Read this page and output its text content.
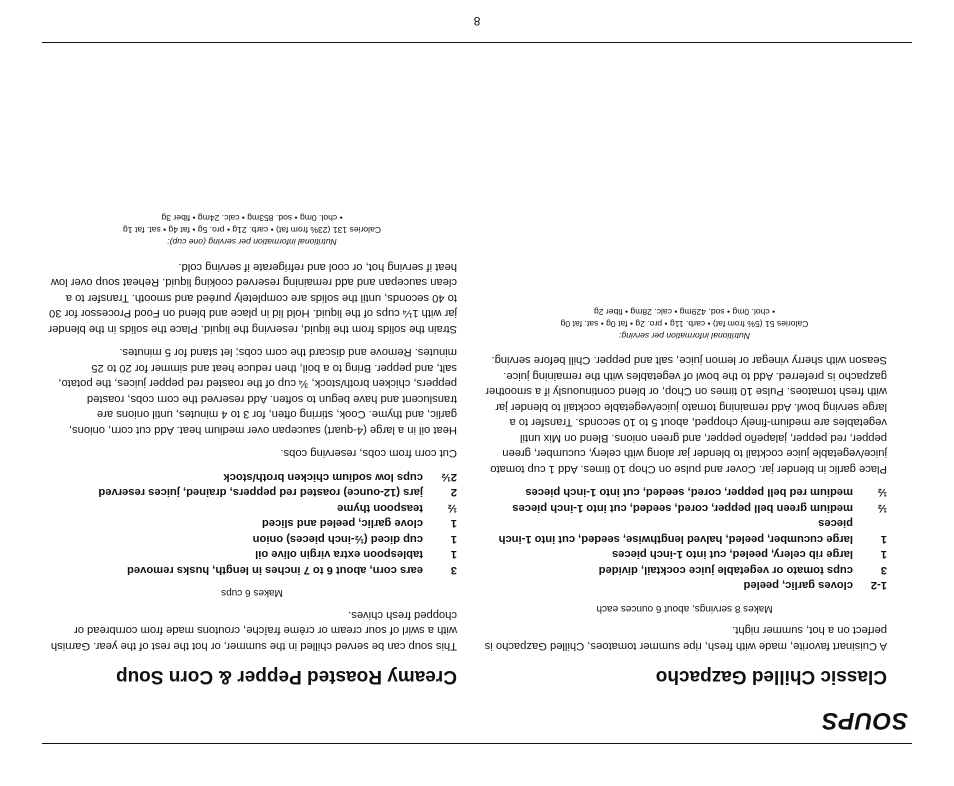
SOUPS
Classic Chilled Gazpacho
A Cuisinart favorite, made with fresh, ripe summer tomatoes, Chilled Gazpacho is perfect on a hot, summer night.
Makes 8 servings, about 6 ounces each
1-2
cloves garlic, peeled
3
cups tomato or vegetable juice cocktail, divided
1
large rib celery, peeled, cut into 1-inch pieces
1
large cucumber, peeled, halved lengthwise, seeded, cut into 1-inch pieces
½
medium green bell pepper, cored, seeded, cut into 1-inch pieces
½
medium red bell pepper, cored, seeded, cut into 1-inch pieces
Place garlic in blender jar. Cover and pulse on Chop 10 times. Add 1 cup tomato juice/vegetable juice cocktail to blender jar along with celery, cucumber, green pepper, red pepper, jalapeño pepper, and green onions. Blend on Mix until vegetables are medium-finely chopped, about 5 to 10 seconds. Transfer to a large serving bowl. Add remaining tomato juice/vegetable cocktail to blender jar with fresh tomatoes. Pulse 10 times on Chop, or blend continuously if a smoother gazpacho is preferred. Add to the bowl of vegetables with the remaining juice. Season with sherry vinegar or lemon juice, salt and pepper. Chill before serving.
Nutritional information per serving:
Calories 51 (5% from fat) • carb. 11g • pro. 2g • fat 0g • sat. fat 0g
• chol. 0mg • sod. 429mg • calc. 28mg • fiber 2g
Creamy Roasted Pepper & Corn Soup
This soup can be served chilled in the summer, or hot the rest of the year. Garnish with a swirl of sour cream or crème fraîche, croutons made from cornbread or chopped fresh chives.
Makes 6 cups
3
ears corn, about 6 to 7 inches in length, husks removed
1
tablespoon extra virgin olive oil
1
cup diced (½-inch pieces) onion
1
clove garlic, peeled and sliced
½
teaspoon thyme
2
jars (12-ounce) roasted red peppers, drained, juices reserved
2½
cups low sodium chicken broth/stock
Cut corn from cobs, reserving cobs.
Heat oil in a large (4-quart) saucepan over medium heat. Add cut corn, onions, garlic, and thyme. Cook, stirring often, for 3 to 4 minutes, until onions are translucent and have begun to soften. Add reserved the corn cobs, roasted peppers, chicken broth/stock, ¾ cup of the roasted red pepper juices, the potato, salt, and pepper. Bring to a boil, then reduce heat and simmer for 20 to 25 minutes. Remove and discard the corn cobs; let stand for 5 minutes.
Strain the solids from the liquid, reserving the liquid. Place the solids in the blender jar with 1¼ cups of the liquid. Hold lid in place and blend on Food Processor for 30 to 40 seconds, until the solids are completely puréed and smooth. Transfer to a clean saucepan and add remaining reserved cooking liquid. Reheat soup over low heat if serving hot, or cool and refrigerate if serving cold.
Nutritional information per serving (one cup):
Calories 131 (23% from fat) • carb. 21g • pro. 5g • fat 4g • sat. fat 1g
• chol. 0mg • sod. 853mg • calc. 24mg • fiber 3g
8
